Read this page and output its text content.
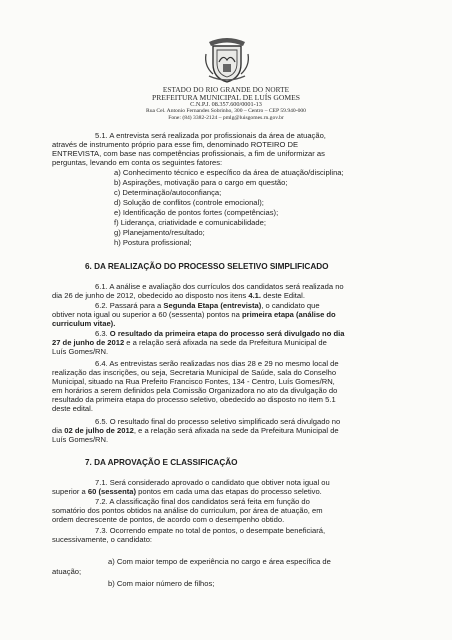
ESTADO DO RIO GRANDE DO NORTE
PREFEITURA MUNICIPAL DE LUÍS GOMES
C.N.P.J. 08.357.600/0001-13
Rua Cel. Antonio Fernandes Sobrinho, 300 – Centro – CEP 59.940-000
Fone: (84) 3382-2124 – pmlg@luisgomes.rn.gov.br
5.1. A entrevista será realizada por profissionais da área de atuação,
através de instrumento próprio para esse fim, denominado ROTEIRO DE
ENTREVISTA, com base nas competências profissionais, a fim de uniformizar as
perguntas, levando em conta os seguintes fatores:
a) Conhecimento técnico e específico da área de atuação/disciplina;
b) Aspirações, motivação para o cargo em questão;
c) Determinação/autoconfiança;
d) Solução de conflitos (controle emocional);
e) Identificação de pontos fortes (competências);
f) Liderança, criatividade e comunicabilidade;
g) Planejamento/resultado;
h) Postura profissional;
6. DA REALIZAÇÃO DO PROCESSO SELETIVO SIMPLIFICADO
6.1. A análise e avaliação dos currículos dos candidatos será realizada no
dia 26 de junho de 2012, obedecido ao disposto nos itens 4.1. deste Edital.
6.2. Passará para a Segunda Etapa (entrevista), o candidato que
obtiver nota igual ou superior a 60 (sessenta) pontos na primeira etapa (análise do
curriculum vitae).
6.3. O resultado da primeira etapa do processo será divulgado no dia
27 de junho de 2012 e a relação será afixada na sede da Prefeitura Municipal de
Luís Gomes/RN.
6.4. As entrevistas serão realizadas nos dias 28 e 29 no mesmo local de
realização das inscrições, ou seja, Secretaria Municipal de Saúde, sala do Conselho
Municipal, situado na Rua Prefeito Francisco Fontes, 134 - Centro, Luís Gomes/RN,
em horários a serem definidos pela Comissão Organizadora no ato da divulgação do
resultado da primeira etapa do processo seletivo, obedecido ao disposto no item 5.1
deste edital.
6.5. O resultado final do processo seletivo simplificado será divulgado no
dia 02 de julho de 2012, e a relação será afixada na sede da Prefeitura Municipal de
Luís Gomes/RN.
7. DA APROVAÇÃO E CLASSIFICAÇÃO
7.1. Será considerado aprovado o candidato que obtiver nota igual ou
superior a 60 (sessenta) pontos em cada uma das etapas do processo seletivo.
7.2. A classificação final dos candidatos será feita em função do
somatório dos pontos obtidos na análise do curriculum, por área de atuação, em
ordem decrescente de pontos, de acordo com o desempenho obtido.
7.3. Ocorrendo empate no total de pontos, o desempate beneficiará,
sucessivamente, o candidato:
a) Com maior tempo de experiência no cargo e área específica de
atuação;
b) Com maior número de filhos;
